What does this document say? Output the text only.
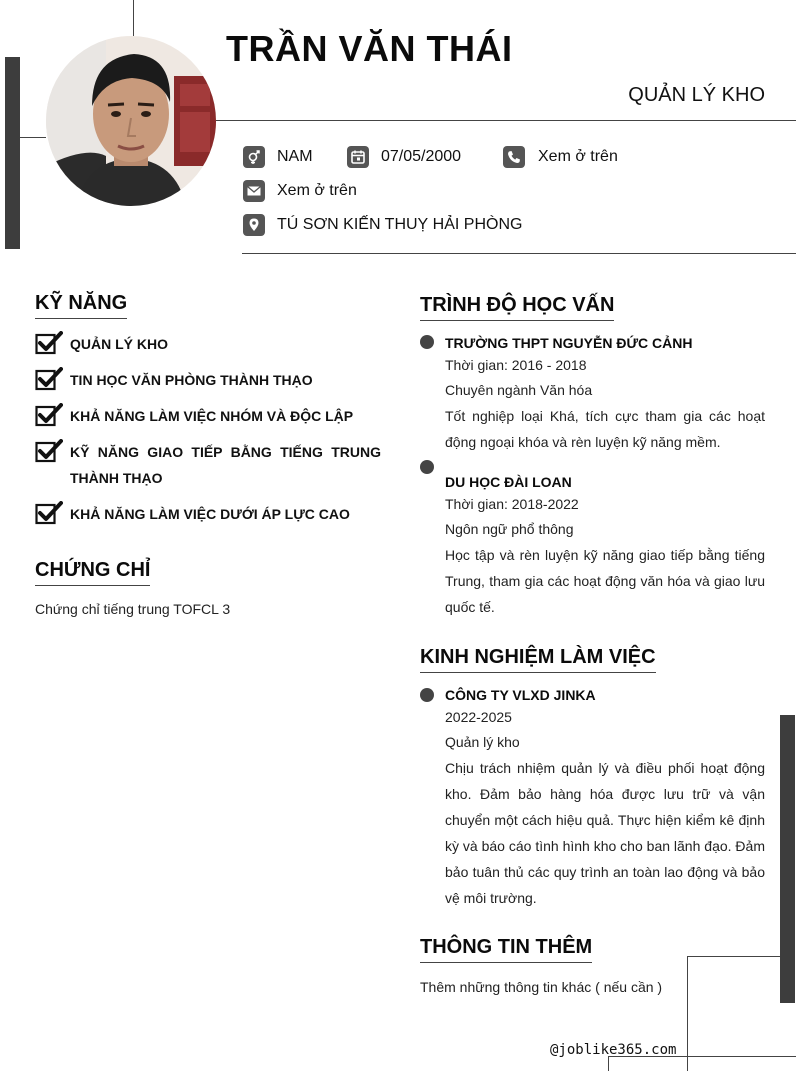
TRẦN VĂN THÁI
QUẢN LÝ KHO
NAM	07/05/2000	Xem ở trên
Xem ở trên
TÚ SƠN KIẾN THUỴ HẢI PHÒNG
KỸ NĂNG
QUẢN LÝ KHO
TIN HỌC VĂN PHÒNG THÀNH THẠO
KHẢ NĂNG LÀM VIỆC NHÓM VÀ ĐỘC LẬP
KỸ NĂNG GIAO TIẾP BẰNG TIẾNG TRUNG THÀNH THẠO
KHẢ NĂNG LÀM VIỆC DƯỚI ÁP LỰC CAO
CHỨNG CHỈ
Chứng chỉ tiếng trung TOFCL 3
TRÌNH ĐỘ HỌC VẤN
TRƯỜNG THPT NGUYỄN ĐỨC CẢNH
Thời gian: 2016 - 2018
Chuyên ngành Văn hóa
Tốt nghiệp loại Khá, tích cực tham gia các hoạt động ngoại khóa và rèn luyện kỹ năng mềm.
DU HỌC ĐÀI LOAN
Thời gian: 2018-2022
Ngôn ngữ phổ thông
Học tập và rèn luyện kỹ năng giao tiếp bằng tiếng Trung, tham gia các hoạt động văn hóa và giao lưu quốc tế.
KINH NGHIỆM LÀM VIỆC
CÔNG TY VLXD JINKA
2022-2025
Quản lý kho
Chịu trách nhiệm quản lý và điều phối hoạt động kho. Đảm bảo hàng hóa được lưu trữ và vận chuyển một cách hiệu quả. Thực hiện kiểm kê định kỳ và báo cáo tình hình kho cho ban lãnh đạo. Đảm bảo tuân thủ các quy trình an toàn lao động và bảo vệ môi trường.
THÔNG TIN THÊM
Thêm những thông tin khác ( nếu cần )
@joblike365.com
